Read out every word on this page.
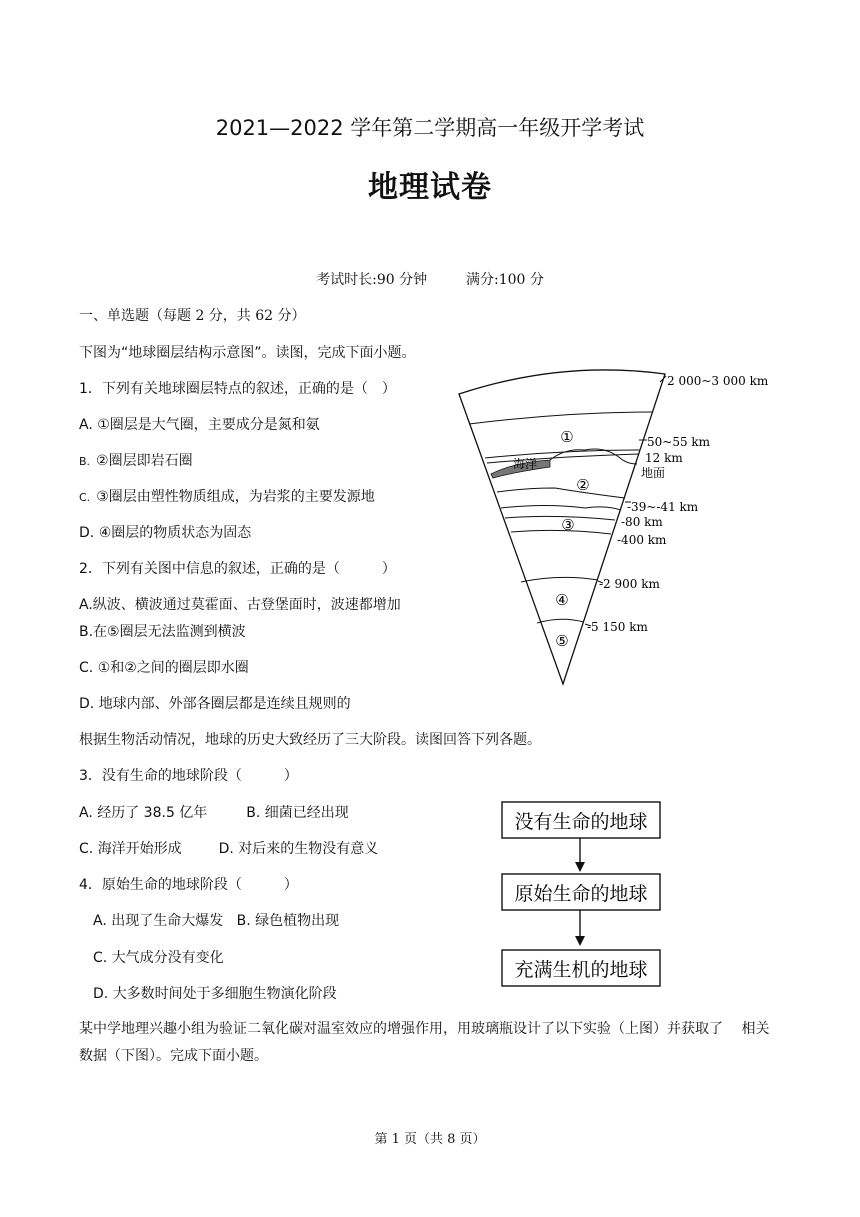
2021—2022 学年第二学期高一年级开学考试
地理试卷
考试时长:90 分钟	满分:100 分
一、单选题（每题 2 分，共 62 分）
下图为“地球圈层结构示意图”。读图，完成下面小题。
1．下列有关地球圈层特点的叙述，正确的是（　）
A. ①圈层是大气圈，主要成分是氮和氨
B. ②圈层即岩石圈
C. ③圈层由塑性物质组成，为岩浆的主要发源地
D. ④圈层的物质状态为固态
2．下列有关图中信息的叙述，正确的是（　　　）
A.纵波、横波通过莫霍面、古登堡面时，波速都增加
B.在⑤圈层无法监测到横波
C. ①和②之间的圈层即水圈
D. 地球内部、外部各圈层都是连续且规则的
根据生物活动情况，地球的历史大致经历了三大阶段。读图回答下列各题。
3．没有生命的地球阶段（　　　）
A. 经历了 38.5 亿年	B. 细菌已经出现
C. 海洋开始形成	D. 对后来的生物没有意义
4．原始生命的地球阶段（　　　）
A. 出现了生命大爆发 B. 绿色植物出现
C. 大气成分没有变化
D. 大多数时间处于多细胞生物演化阶段
某中学地理兴趣小组为验证二氧化碳对温室效应的增强作用，用玻璃瓶设计了以下实验（上图）并获取了　 相关数据（下图）。完成下面小题。
①
②
③
④
⑤
海洋
2 000~3 000 km
50~55 km
12 km
地面
-39~-41 km
-80 km
-400 km
-2 900 km
-5 150 km
没有生命的地球
原始生命的地球
充满生机的地球
第 1 页（共 8 页）
